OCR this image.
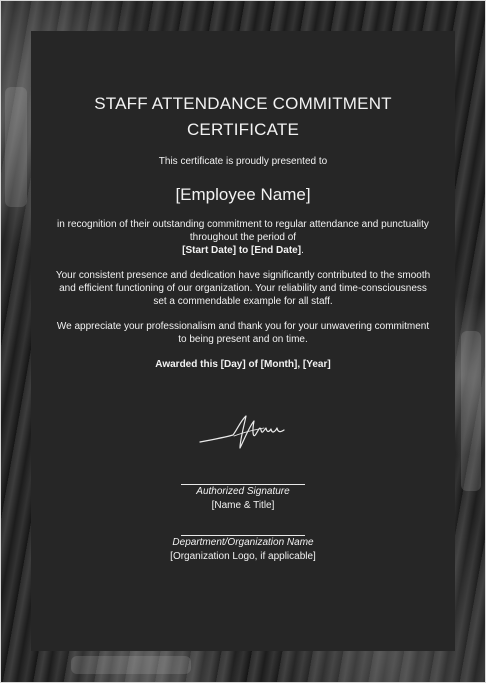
STAFF ATTENDANCE COMMITMENT CERTIFICATE
This certificate is proudly presented to
[Employee Name]
in recognition of their outstanding commitment to regular attendance and punctuality throughout the period of
[Start Date] to [End Date].
Your consistent presence and dedication have significantly contributed to the smooth and efficient functioning of our organization. Your reliability and time-consciousness set a commendable example for all staff.
We appreciate your professionalism and thank you for your unwavering commitment to being present and on time.
Awarded this [Day] of [Month], [Year]
Authorized Signature
[Name & Title]
Department/Organization Name
[Organization Logo, if applicable]
